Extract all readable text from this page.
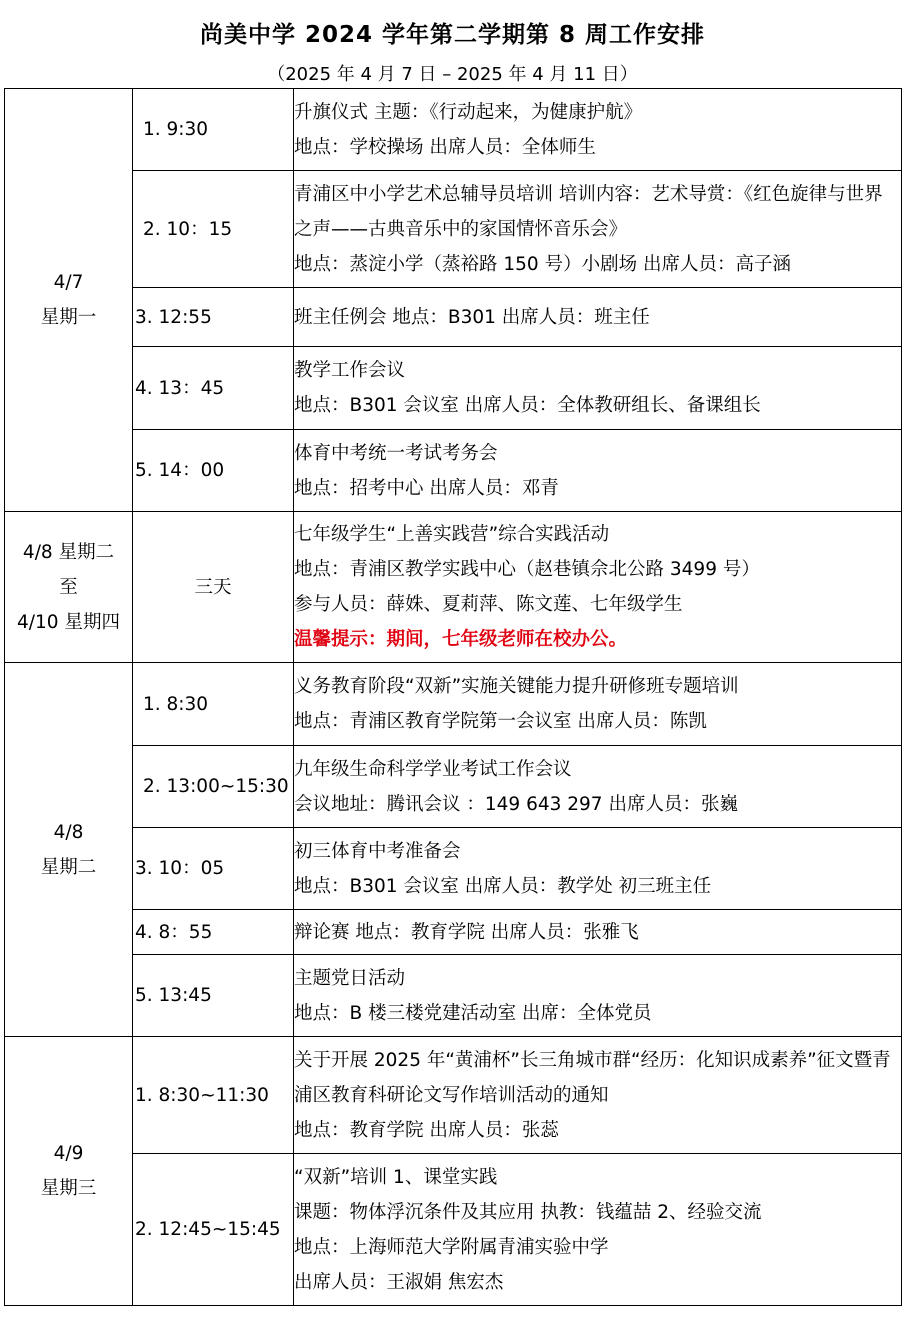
尚美中学 2024 学年第二学期第 8 周工作安排
（2025 年 4 月 7 日 – 2025 年 4 月 11 日）
4/7
星期一	1. 9:30	升旗仪式 主题：《行动起来，为健康护航》
地点：学校操场 出席人员：全体师生

	2. 10：15	青浦区中小学艺术总辅导员培训 培训内容：艺术导赏：《红色旋律与世界之声——古典音乐中的家国情怀音乐会》
地点：蒸淀小学（蒸裕路 150 号）小剧场 出席人员：高子涵

	3. 12:55	班主任例会 地点：B301 出席人员：班主任

	4. 13：45	教学工作会议
地点：B301 会议室 出席人员：全体教研组长、备课组长

	5. 14：00	体育中考统一考试考务会
地点：招考中心 出席人员：邓青

4/8 星期二
至
4/10 星期四	三天	七年级学生“上善实践营”综合实践活动
地点：青浦区教学实践中心（赵巷镇佘北公路 3499 号）
参与人员：薛姝、夏莉萍、陈文莲、七年级学生
温馨提示：期间，七年级老师在校办公。

4/8
星期二	1. 8:30	义务教育阶段“双新”实施关键能力提升研修班专题培训
地点：青浦区教育学院第一会议室 出席人员：陈凯

	2. 13:00~15:30	九年级生命科学学业考试工作会议
会议地址：腾讯会议 ：149 643 297 出席人员：张巍

	3. 10：05	初三体育中考准备会
地点：B301 会议室 出席人员：教学处 初三班主任

	4. 8：55	辩论赛 地点：教育学院 出席人员：张雅飞

	5. 13:45	主题党日活动
地点：B 楼三楼党建活动室 出席：全体党员

4/9
星期三	1. 8:30~11:30	关于开展 2025 年“黄浦杯”长三角城市群“经历：化知识成素养”征文暨青浦区教育科研论文写作培训活动的通知
地点：教育学院 出席人员：张蕊

	2. 12:45~15:45	“双新”培训 1、课堂实践
课题：物体浮沉条件及其应用 执教：钱蕴喆 2、经验交流
地点：上海师范大学附属青浦实验中学
出席人员：王淑娟 焦宏杰
